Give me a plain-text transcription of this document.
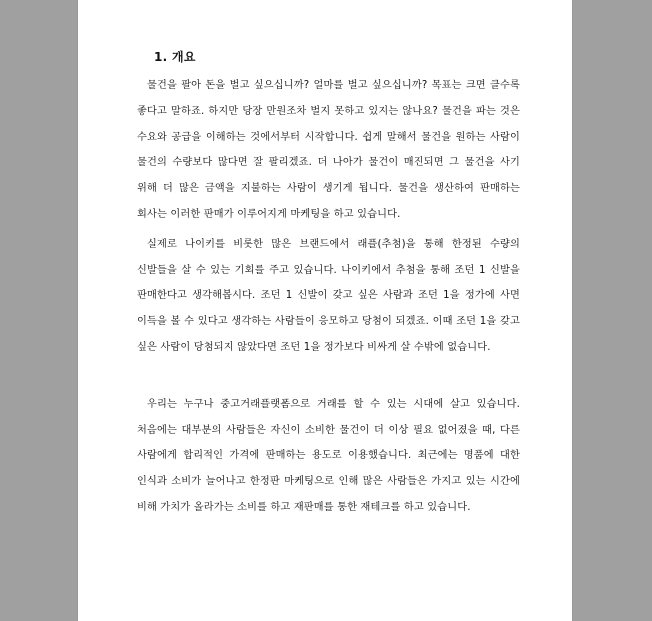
1. 개요

물건을 팔아 돈을 벌고 싶으십니까? 얼마를 벌고 싶으십니까? 목표는 크면 클수록 좋다고 말하죠. 하지만 당장 만원조차 벌지 못하고 있지는 않나요? 물건을 파는 것은 수요와 공급을 이해하는 것에서부터 시작합니다. 쉽게 말해서 물건을 원하는 사람이 물건의 수량보다 많다면 잘 팔리겠죠. 더 나아가 물건이 매진되면 그 물건을 사기 위해 더 많은 금액을 지불하는 사람이 생기게 됩니다. 물건을 생산하여 판매하는 회사는 이러한 판매가 이루어지게 마케팅을 하고 있습니다.

실제로 나이키를 비롯한 많은 브랜드에서 래플(추첨)을 통해 한정된 수량의 신발들을 살 수 있는 기회를 주고 있습니다. 나이키에서 추첨을 통해 조던 1 신발을 판매한다고 생각해봅시다. 조던 1 신발이 갖고 싶은 사람과 조던 1을 정가에 사면 이득을 볼 수 있다고 생각하는 사람들이 응모하고 당첨이 되겠죠. 이때 조던 1을 갖고 싶은 사람이 당첨되지 않았다면 조던 1을 정가보다 비싸게 살 수밖에 없습니다.

우리는 누구나 중고거래플랫폼으로 거래를 할 수 있는 시대에 살고 있습니다. 처음에는 대부분의 사람들은 자신이 소비한 물건이 더 이상 필요 없어졌을 때, 다른 사람에게 합리적인 가격에 판매하는 용도로 이용했습니다. 최근에는 명품에 대한 인식과 소비가 늘어나고 한정판 마케팅으로 인해 많은 사람들은 가지고 있는 시간에 비해 가치가 올라가는 소비를 하고 재판매를 통한 재테크를 하고 있습니다.
